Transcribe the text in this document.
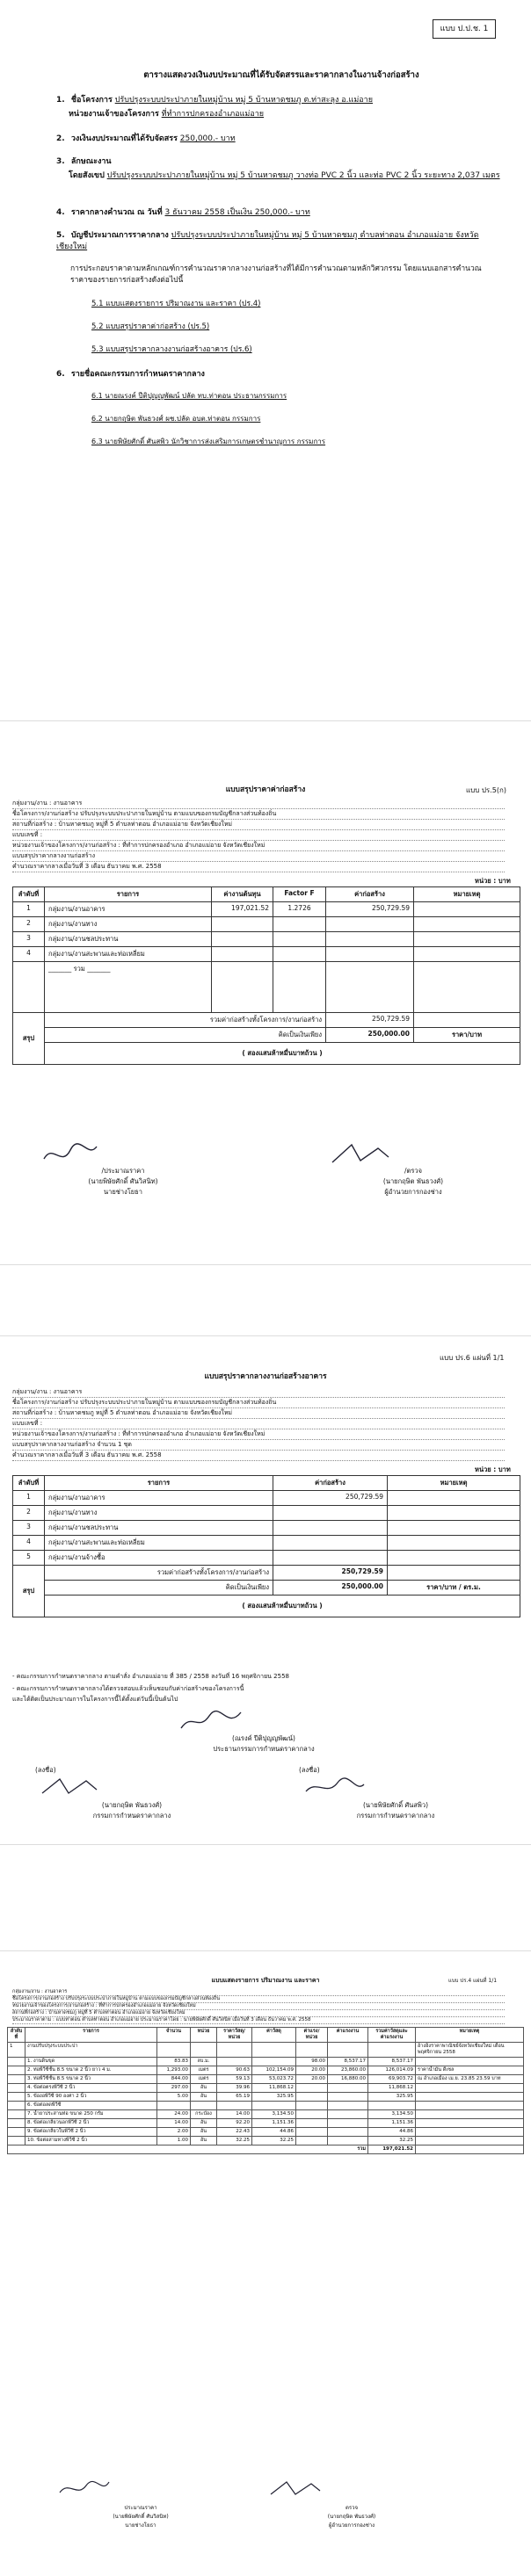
แบบ ป.ป.ช. 1
ตารางแสดงวงเงินงบประมาณที่ได้รับจัดสรรและราคากลางในงานจ้างก่อสร้าง
1. ชื่อโครงการ ปรับปรุงระบบประปาภายในหมู่บ้าน หมู่ 5 บ้านหาดชมภู ต.ท่าสะลุง อ.แม่อาย
หน่วยงานเจ้าของโครงการ ที่ทำการปกครองอำเภอแม่อาย
2. วงเงินงบประมาณที่ได้รับจัดสรร 250,000.- บาท
3. ลักษณะงาน
โดยสังเขป ปรับปรุงระบบประปาภายในหมู่บ้าน หมู่ 5 บ้านหาดชมภู วางท่อ PVC 2 นิ้ว และท่อ PVC 2 นิ้ว ระยะทาง 2,037 เมตร
4. ราคากลางคำนวณ ณ วันที่ 3 ธันวาคม 2558 เป็นเงิน 250,000.- บาท
5. บัญชีประมาณการราคากลาง ปรับปรุงระบบประปาภายในหมู่บ้าน หมู่ 5 บ้านหาดชมภู ตำบลท่าตอน อำเภอแม่อาย จังหวัดเชียงใหม่
การประกอบราคาตามหลักเกณฑ์การคำนวณราคากลางงานก่อสร้างที่ได้มีการคำนวณตามหลักวิศวกรรม โดยแนบเอกสารคำนวณราคาของรายการก่อสร้างดังต่อไปนี้
5.1 แบบแสดงรายการ ปริมาณงาน และราคา (ปร.4)
5.2 แบบสรุปราคาค่าก่อสร้าง (ปร.5)
5.3 แบบสรุปราคากลางงานก่อสร้างอาคาร (ปร.6)
6. รายชื่อคณะกรรมการกำหนดราคากลาง
6.1 นายณรงค์ ปีติปุญญพัฒน์ ปลัด ทบ.ท่าตอน ประธานกรรมการ
6.2 นายกฤษิต พันธวงศ์ ผช.ปลัด อบต.ท่าตอน กรรมการ
6.3 นายพิษัยศักดิ์ ศันสพิว นักวิชาการส่งเสริมการเกษตรชำนาญการ กรรมการ
แบบสรุปราคาค่าก่อสร้าง	แบบ ปร.5(ก)
กลุ่มงาน/งาน : งานอาคาร
ชื่อโครงการ/งานก่อสร้าง ปรับปรุงระบบประปาภายในหมู่บ้าน ตามแบบของกรมบัญชีกลางส่วนท้องถิ่น
สถานที่ก่อสร้าง : บ้านหาดชมภู หมู่ที่ 5 ตำบลท่าตอน อำเภอแม่อาย จังหวัดเชียงใหม่
แบบเลขที่ :
หน่วยงานเจ้าของโครงการ/งานก่อสร้าง : ที่ทำการปกครองอำเภอ อำเภอแม่อาย จังหวัดเชียงใหม่
แบบสรุปราคากลางงานก่อสร้าง
คำนวณราคากลางเมื่อวันที่ 3 เดือน ธันวาคม พ.ศ. 2558
หน่วย : บาท
ลำดับที่	รายการ	ค่างานต้นทุน	Factor F	ค่าก่อสร้าง	หมายเหตุ
1	กลุ่มงาน/งานอาคาร	197,021.52	1.2726	250,729.59	
2	กลุ่มงาน/งานทาง				
3	กลุ่มงาน/งานชลประทาน				
4	กลุ่มงาน/งานสะพานและท่อเหลี่ยม				
	_______ รวม _______				
สรุป	รวมค่าก่อสร้างทั้งโครงการ/งานก่อสร้าง			250,729.59	
	คิดเป็นเงินเพียง			250,000.00	ราคา/บาท
	( สองแสนห้าหมื่นบาทถ้วน )				
/ประมาณราคา
(นายพิษัยศักดิ์ ศันวิสนิท)
นายช่างโยธา
/ตรวจ
(นายกฤษิต พันธวงศ์)
ผู้อำนวยการกองช่าง
แบบ ปร.6 แผ่นที่ 1/1
แบบสรุปราคากลางงานก่อสร้างอาคาร
กลุ่มงาน/งาน : งานอาคาร
ชื่อโครงการ/งานก่อสร้าง ปรับปรุงระบบประปาภายในหมู่บ้าน ตามแบบของกรมบัญชีกลางส่วนท้องถิ่น
สถานที่ก่อสร้าง : บ้านหาดชมภู หมู่ที่ 5 ตำบลท่าตอน อำเภอแม่อาย จังหวัดเชียงใหม่
แบบเลขที่ :
หน่วยงานเจ้าของโครงการ/งานก่อสร้าง : ที่ทำการปกครองอำเภอ อำเภอแม่อาย จังหวัดเชียงใหม่
แบบสรุปราคากลางงานก่อสร้าง จำนวน 1 ชุด
คำนวณราคากลางเมื่อวันที่ 3 เดือน ธันวาคม พ.ศ. 2558
หน่วย : บาท
ลำดับที่	รายการ	ค่าก่อสร้าง	หมายเหตุ
1	กลุ่มงาน/งานอาคาร	250,729.59	
2	กลุ่มงาน/งานทาง		
3	กลุ่มงาน/งานชลประทาน		
4	กลุ่มงาน/งานสะพานและท่อเหลี่ยม		
5	กลุ่มงาน/งานจ้างซื้อ		
สรุป	รวมค่าก่อสร้างทั้งโครงการ/งานก่อสร้าง	250,729.59	
	คิดเป็นเงินเพียง	250,000.00	ราคา/บาท / ตร.ม.
	( สองแสนห้าหมื่นบาทถ้วน )		
- คณะกรรมการกำหนดราคากลาง ตามคำสั่ง อำเภอแม่อาย ที่ 385 / 2558 ลงวันที่ 16 พฤศจิกายน 2558
- คณะกรรมการกำหนดราคากลางได้ตรวจสอบแล้วเห็นชอบกับค่าก่อสร้างของโครงการนี้
และได้ติดเป็นประมาณการในโครงการนี้ได้ตั้งแต่วันนี้เป็นต้นไป
(ณรงค์ ปีติปุญญพัฒน์)
ประธานกรรมการกำหนดราคากลาง
(ลงชื่อ)
(นายกฤษิต พันธวงศ์)
กรรมการกำหนดราคากลาง
(ลงชื่อ)
(นายพิษัยศักดิ์ ศันสพิว)
กรรมการกำหนดราคากลาง
แบบแสดงรายการ ปริมาณงาน และราคา	แบบ ปร.4 แผ่นที่ 1/1
กลุ่มงาน/งาน : งานอาคาร
ชื่อโครงการ/งานก่อสร้าง ปรับปรุงระบบประปาภายในหมู่บ้าน ตามแบบของกรมบัญชีกลางส่วนท้องถิ่น
หน่วยงานเจ้าของโครงการ/งานก่อสร้าง : ที่ทำการปกครองอำเภอแม่อาย จังหวัดเชียงใหม่
สถานที่ก่อสร้าง : บ้านหาดชมภู หมู่ที่ 5 ตำบลท่าตอน อำเภอแม่อาย จังหวัดเชียงใหม่
ประมาณราคาตาม : แบบท่าตอน ตำบลท่าตอน อำเภอแม่อาย ประมาณราคาโดย : นายพิษัยศักดิ์ ศันวิสนิท เมื่อวันที่ 3 เดือน ธันวาคม พ.ศ. 2558
ลำดับที่	รายการ	จำนวน	หน่วย	ราคาวัสดุ/หน่วย	ค่าวัสดุ	ค่าแรง/หน่วย	ค่าแรงงาน	รวมค่าวัสดุและค่าแรงงาน	หมายเหตุ
1	งานปรับปรุงระบบประปา								อ้างอิงราคาพาณิชย์จังหวัดเชียงใหม่ เดือน พฤศจิกายน 2558
	1. งานดินขุด	83.83	ลบ.ม.			98.00	8,537.17	8,537.17	
	2. ท่อพีวีซีชั้น 8.5 ขนาด 2 นิ้ว ยาว 4 ม.	1,293.00	เมตร	90.63	102,154.09	20.00	23,860.00	126,014.09	ราคาน้ำมัน ดีเซล
	3. ท่อพีวีซีชั้น 8.5 ขนาด 2 นิ้ว	844.00	เมตร	59.13	53,023.72	20.00	16,880.00	69,903.72	ณ อำเภอเมือง เม.ย. 23.85 23.59 บาท
	4. ข้อต่อตรงพีวีซี 2 นิ้ว	297.00	อัน	39.96	11,868.12			11,868.12	
	5. ข้องอพีวีซี 90 องศา 2 นิ้ว	5.00	อัน	65.19	325.95			325.95	
	6. ข้อต่อลดพีวีซี								
	7. น้ำยาประสานท่อ ขนาด 250 กรัม	24.00	กระป๋อง	14.00	3,134.50			3,134.50	
	8. ข้อต่อเกลียวนอกพีวีซี 2 นิ้ว	14.00	อัน	92.20	1,151.36			1,151.36	
	9. ข้อต่อเกลียวในพีวีซี 2 นิ้ว	2.00	อัน	22.43	44.86			44.86	
	10. ข้อต่อสามทางพีวีซี 2 นิ้ว	1.00	อัน	32.25	32.25			32.25	
รวม								197,021.52	
ประมาณราคา
(นายพิษัยศักดิ์ ศันวิสนิท)
นายช่างโยธา
ตรวจ
(นายกฤษิต พันธวงศ์)
ผู้อำนวยการกองช่าง
